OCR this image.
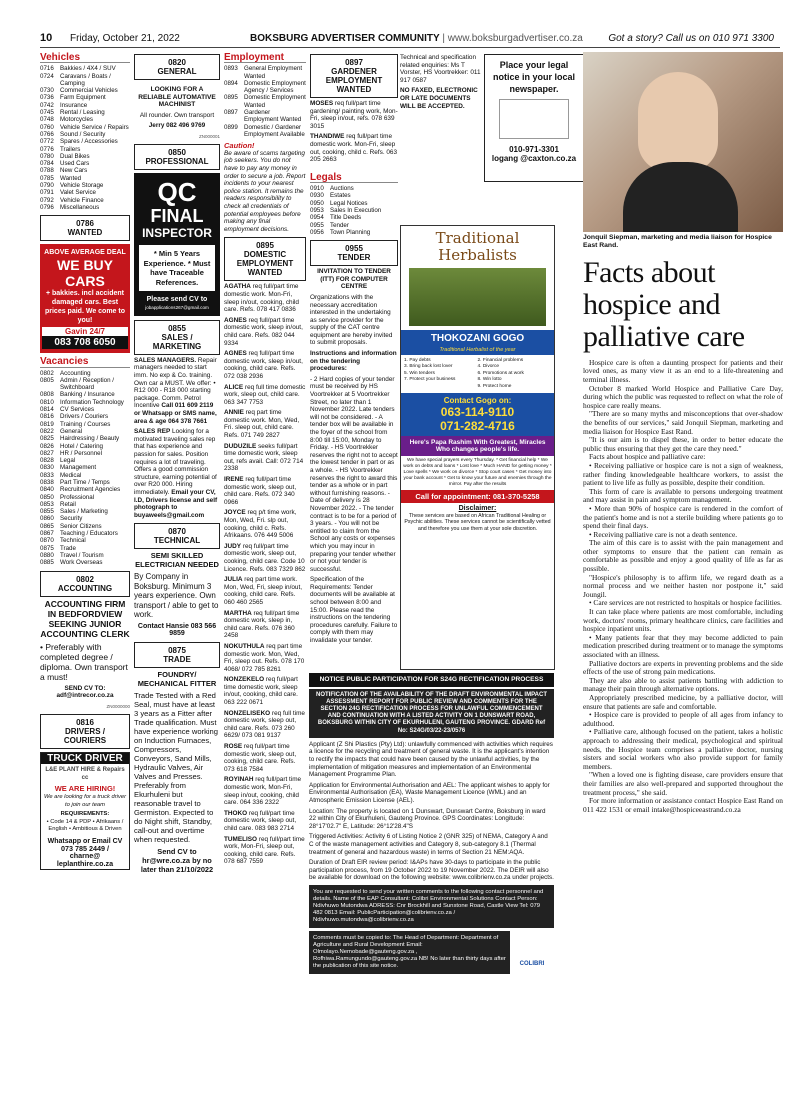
10 Friday, October 21, 2022	BOKSBURG ADVERTISER COMMUNITY | www.boksburgadvertiser.co.za	Got a story? Call us on 010 971 3300
Vehicles
0716	Bakkies / 4X4 / SUV
0724	Caravans / Boats / Camping
0730	Commercial Vehicles
0736	Farm Equipment
0742	Insurance
0745	Rental / Leasing
0748	Motorcycles
0760	Vehicle Service / Repairs
0766	Sound / Security
0772	Spares / Accessories
0776	Trailers
0780	Dual Bikes
0784	Used Cars
0788	New Cars
0785	Wanted
0790	Vehicle Storage
0791	Valet Service
0792	Vehicle Finance
0796	Miscellaneous
0786
WANTED
ABOVE AVERAGE DEAL
WE BUY CARS
+ bakkies. incl accident damaged cars. Best prices paid. We come to you!
Gavin 24/7
083 708 6050
Vacancies
0802	Accounting
0805	Admin / Reception / Switchboard
0808	Banking / Insurance
0810	Information Technology
0814	CV Services
0816	Drivers / Couriers
0819	Training / Courses
0822	General
0825	Hairdressing / Beauty
0826	Hotel / Catering
0827	HR / Personnel
0828	Legal
0830	Management
0833	Medical
0838	Part Time / Temps
0840	Recruitment Agencies
0850	Professional
0853	Retail
0855	Sales / Marketing
0860	Security
0865	Senior Citizens
0867	Teaching / Educators
0870	Technical
0875	Trade
0880	Travel / Tourism
0885	Work Overseas
0802
ACCOUNTING
ACCOUNTING FIRM IN BEDFORDVIEW SEEKING JUNIOR ACCOUNTING CLERK
• Preferably with completed degree / diploma. Own transport a must!
SEND CV TO:
adf@intrecor.co.za
ZN0000000
0816
DRIVERS / COURIERS
TRUCK DRIVER
L&E PLANT HIRE & Repairs cc
WE ARE HIRING!
We are looking for a truck driver to join our team
REQUIREMENTS:
• Code 14 & PDP • Afrikaans / English • Ambitious & Driven
Whatsapp or Email CV
073 785 2449 /
charne@ leplanthire.co.za
0820
GENERAL
LOOKING FOR A RELIABLE AUTOMATIVE MACHINIST
All rounder. Own transport
Jerry 082 496 9769
ZN000001
0850
PROFESSIONAL
QC
FINAL
INSPECTOR
* Min 5 Years Experience. * Must have Traceable References.
Please send CV to
jobapplications267@gmail.com
0855
SALES / MARKETING
SALES MANAGERS. Repair managers needed to start imm. No exp & Co. training. Own car a MUST. We offer: • R12 000 - R18 000 starting package. Comm. Petrol Incentive Call 011 609 2119 or Whatsapp or SMS name, area & age 064 378 7661
SALES REP Looking for a motivated traveling sales rep that has experience and passion for sales. Position requires a lot of traveling. Offers a good commission structure, earning potential of over R20 000. Hiring immediately. Email your CV, I.D, Drivers license and self photograph to buyaweels@gmail.com
0870
TECHNICAL
SEMI SKILLED ELECTRICIAN NEEDED
By Company in Boksburg. Minimum 3 years experience. Own transport / able to get to work.
Contact Hansie 083 566 9859
0875
TRADE
FOUNDRY/ MECHANICAL FITTER
Trade Tested with a Red Seal, must have at least 3 years as a Fitter after Trade qualification. Must have experience working on Induction Furnaces, Compressors, Conveyors, Sand Mills, Hydraulic Valves, Air Valves and Presses. Preferably from Ekurhuleni but reasonable travel to Germiston. Expected to do Night shift, Standby, call-out and overtime when requested.
Send CV to hr@wre.co.za by no later than 21/10/2022
Employment
0893	General Employment Wanted
0894	Domestic Employment Agency / Services
0895	Domestic Employment Wanted
0897	Gardener Employment Wanted
0899	Domestic / Gardener Employment Available
Caution!
Be aware of scams targeting job seekers. You do not have to pay any money in order to secure a job. Report incidents to your nearest police station. It remains the readers responsibility to check all credentials of potential employees before making any final employment decisions.
0895
DOMESTIC EMPLOYMENT WANTED
AGATHA req full/part time domestic work. Mon-Fri, sleep in/out, cooking, child care. Refs. 078 417 0836
AGNES req full/part time domestic work, sleep in/out, child care. Refs. 082 044 9334
AGNES req full/part time domestic work, sleep in/out, cooking, child care. Refs. 072 038 2936
ALICE req full time domestic work, sleep out, child care. 063 347 7753
ANNIE req part time domestic work. Mon, Wed, Fri. sleep out, child care. Refs. 071 749 2827
DUDUZILE seeks full/part time domestic work, sleep out, refs avail. Call: 072 714 2338
IRENE req full/part time domestic work, sleep out, child care. Refs. 072 340 0966
JOYCE req p/t time work, Mon, Wed, Fri. slp out, cooking, child c. Refs. Afrikaans. 076 449 5006
JUDY req full/part time domestic work, sleep out, cooking, child care. Code 10 Licence. Refs. 083 7329 862
JULIA req part time work. Mon, Wed, Fri, sleep in/out, cooking, child care. Refs. 060 460 2565
MARTHA req full/part time domestic work, sleep in, child care. Refs. 076 360 2458
NOKUTHULA req part time domestic work. Mon, Wed, Fri, sleep out. Refs. 078 170 4068/ 072 785 8261
NONZEKELO req full/part time domestic work, sleep in/out, cooking, child care. 063 222 0671
NONZELISEKO req full time domestic work, sleep out, child care. Refs. 073 260 6629/ 073 081 9137
ROSE req full/part time domestic work, sleep out, cooking, child care. Refs. 073 618 7584
ROYINAH req full/part time domestic work, Mon-Fri, sleep in/out, cooking, child care. 064 336 2322
THOKO req full/part time domestic work, sleep out, child care. 083 983 2714
TUMELISO req full/part time work, Mon-Fri, sleep out, cooking, child care. Refs. 078 687 7559
0897
GARDENER EMPLOYMENT WANTED
MOSES req full/part time gardening/ painting work, Mon-Fri, sleep in/out, refs. 078 639 3015
THANDIWE req full/part time domestic work. Mon-Fri, sleep out, cooking, child c. Refs. 063 205 2663
Legals
0910	Auctions
0930	Estates
0950	Legal Notices
0953	Sales In Execution
0954	Title Deeds
0955	Tender
0956	Town Planning
0955
TENDER
INVITATION TO TENDER (ITT) FOR COMPUTER CENTRE
Organizations with the necessary accreditation interested in the undertaking as service provider for the supply of the CAT centre equipment are hereby invited to submit proposals.
Instructions and information on the tendering procedures:
- 2 Hard copies of your tender must be received by HS Voortrekker at 5 Voortrekker Street, no later than 1 November 2022. Late tenders will not be considered. - A tender box will be available in the foyer of the school from 8:00 till 15:00, Monday to Friday. - HS Voortrekker reserves the right not to accept the lowest tender in part or as a whole. - HS Voortrekker reserves the right to award this tender as a whole or in part without furnishing reasons. - Date of delivery is 28 November 2022. - The tender contract is to be for a period of 3 years. - You will not be entitled to claim from the School any costs or expenses which you may incur in preparing your tender whether or not your tender is successful.
Specification of the Requirements: Tender documents will be available at school between 8:00 and 15:00. Please read the instructions on the tendering procedures carefully. Failure to comply with them may invalidate your tender.
Technical and specification related enquiries: Ms T Vorster, HS Voortrekker: 011 917 0587
NO FAXED, ELECTRONIC OR LATE DOCUMENTS WILL BE ACCEPTED.
Place your legal notice in your local newspaper.
010-971-3301
logang @caxton.co.za
Traditional Herbalists
THOKOZANI GOGO
Traditional Herbalist of the year
1. Pay debts	2. Financial problems
3. Bring back lost lover	4. Divorce
5. Win tenders	6. Promotions at work
7. Protect your business	8. Win lotto
9. Protect home
Contact Gogo on:
063-114-9110
071-282-4716
Here's Papa Rashim With Greatest, Miracles Who changes people's life.
We have special prayers every Thursday. * Get financial help * We work on debts and loans * Lost love * Much HAND for getting money * Love spells * We work on divorce * Stop court cases * Get money into your bank account * Get to know your future and enemies through the mirror. Pay after the results
Call for appointment: 081-370-5258
Disclaimer:
These services are based on African Traditional Healing or Psychic abilities. These services cannot be scientifically vetted and therefore you use them at your sole discretion.
NOTICE PUBLIC PARTICIPATION FOR S24G RECTIFICATION PROCESS
NOTIFICATION OF THE AVAILABILITY OF THE DRAFT ENVIRONMENTAL IMPACT ASSESSMENT REPORT FOR PUBLIC REVIEW AND COMMENTS FOR THE SECTION 24G RECTIFICATION PROCESS FOR UNLAWFUL COMMENCEMENT AND CONTINUATION WITH A LISTED ACTIVITY ON 1 DUNSWART ROAD, BOKSBURG WITHIN CITY OF EKURHULENI, GAUTENG PROVINCE. GDARD Ref No: S24G/03/22-23/0576

Applicant (Z Shi Plastics (Pty) Ltd): unlawfully commenced with activities which requires a licence for the recycling and treatment of general waste. It is the applicant's intention to rectify the impacts that could have been caused by the unlawful activities, by the implementation of mitigation measures and implementation of an Environmental Management Programme Plan.

Application for Environmental Authorisation and AEL: The applicant wishes to apply for Environmental Authorisation (EA), Waste Management Licence (WML) and an Atmospheric Emission License (AEL).

Location: The property is located on 1 Dunswart, Dunswart Centre, Boksburg in ward 22 within City of Ekurhuleni, Gauteng Province. GPS Coordinates: Longitude: 28°17'02.7" E, Latitude: 26°12'28.4"S

Triggered Activities: Activity 6 of Listing Notice 2 (GNR 325) of NEMA, Category A and C of the waste management activities and Category 8, sub-category 8.1 (Thermal treatment of general and hazardous waste) in terms of Section 21 NEM:AQA.

Duration of Draft EIR review period: I&APs have 30-days to participate in the public participation process, from 19 October 2022 to 19 November 2022. The DEIR will also be available for download on the following website: www.colibrienv.co.za under projects.

You are requested to send your written comments to the following contact personnel and details. Name of the EAP Consultant: Colibri Environmental Solutions Contact Person: Ndivhuwo Mutondwa ADRESS: Cnr Brockhill and Sunstone Road, Castle View Tel: 079 482 0813 Email: PublicParticipation@colibrienv.co.za / Ndivhuwo.mutondwa@colibrienv.co.za
Comments must be copied to: The Head of Department: Department of Agriculture and Rural Development Email: Olmolayo.Nemobade@gauteng.gov.za , Rofhiwa.Ramungundo@gauteng.gov.za NB! No later than thirty days after the publication of this site notice.	COLIBRI
Jonquil Siepman, marketing and media liaison for Hospice East Rand.
Facts about hospice and palliative care

Hospice care is often a daunting prospect for patients and their loved ones, as many view it as an end to a life-threatening and terminal illness.

October 8 marked World Hospice and Palliative Care Day, during which the public was requested to reflect on what the role of hospice care really means.

"There are so many myths and misconceptions that over-shadow the benefits of our services," said Jonquil Siepman, marketing and media liaison for Hospice East Rand.

"It is our aim is to dispel these, in order to better educate the public thus ensuring that they get the care they need."

Facts about hospice and palliative care:

• Receiving palliative or hospice care is not a sign of weakness, rather finding knowledgeable healthcare workers, to assist the patient to live life as fully as possible, despite their condition.

This form of care is available to persons undergoing treatment and may assist in pain and symptom management.

• More than 90% of hospice care is rendered in the comfort of the patient's home and is not a sterile building where patients go to spend their final days.

• Receiving palliative care is not a death sentence.

The aim of this care is to assist with the pain management and other symptoms to ensure that the patient can remain as comfortable as possible and enjoy a good quality of life as far as possible.

"Hospice's philosophy is to affirm life, we regard death as a normal process and we neither hasten nor postpone it," said Joungil.

• Care services are not restricted to hospitals or hospice facilities.

It can take place where patients are most comfortable, including work, doctors' rooms, primary healthcare clinics, care facilities and hospice inpatient units.

• Many patients fear that they may become addicted to pain medication prescribed during treatment or to manage the symptoms associated with an illness.

Palliative doctors are experts in preventing problems and the side effects of the use of strong pain medications.

They are also able to assist patients battling with addiction to manage their pain through alternative options.

Appropriately prescribed medicine, by a palliative doctor, will ensure that patients are safe and comfortable.

• Hospice care is provided to people of all ages from infancy to adulthood.

• Palliative care, although focused on the patient, takes a holistic approach to addressing their medical, psychological and spiritual needs, the Hospice team comprises a palliative doctor, nursing sisters and social workers who also provide support for family members.

"When a loved one is fighting disease, care providers ensure that their families are also well-prepared and supported throughout the treatment process," she said.

For more information or assistance contact Hospice East Rand on 011 422 1531 or email intake@hospiceeastrand.co.za
